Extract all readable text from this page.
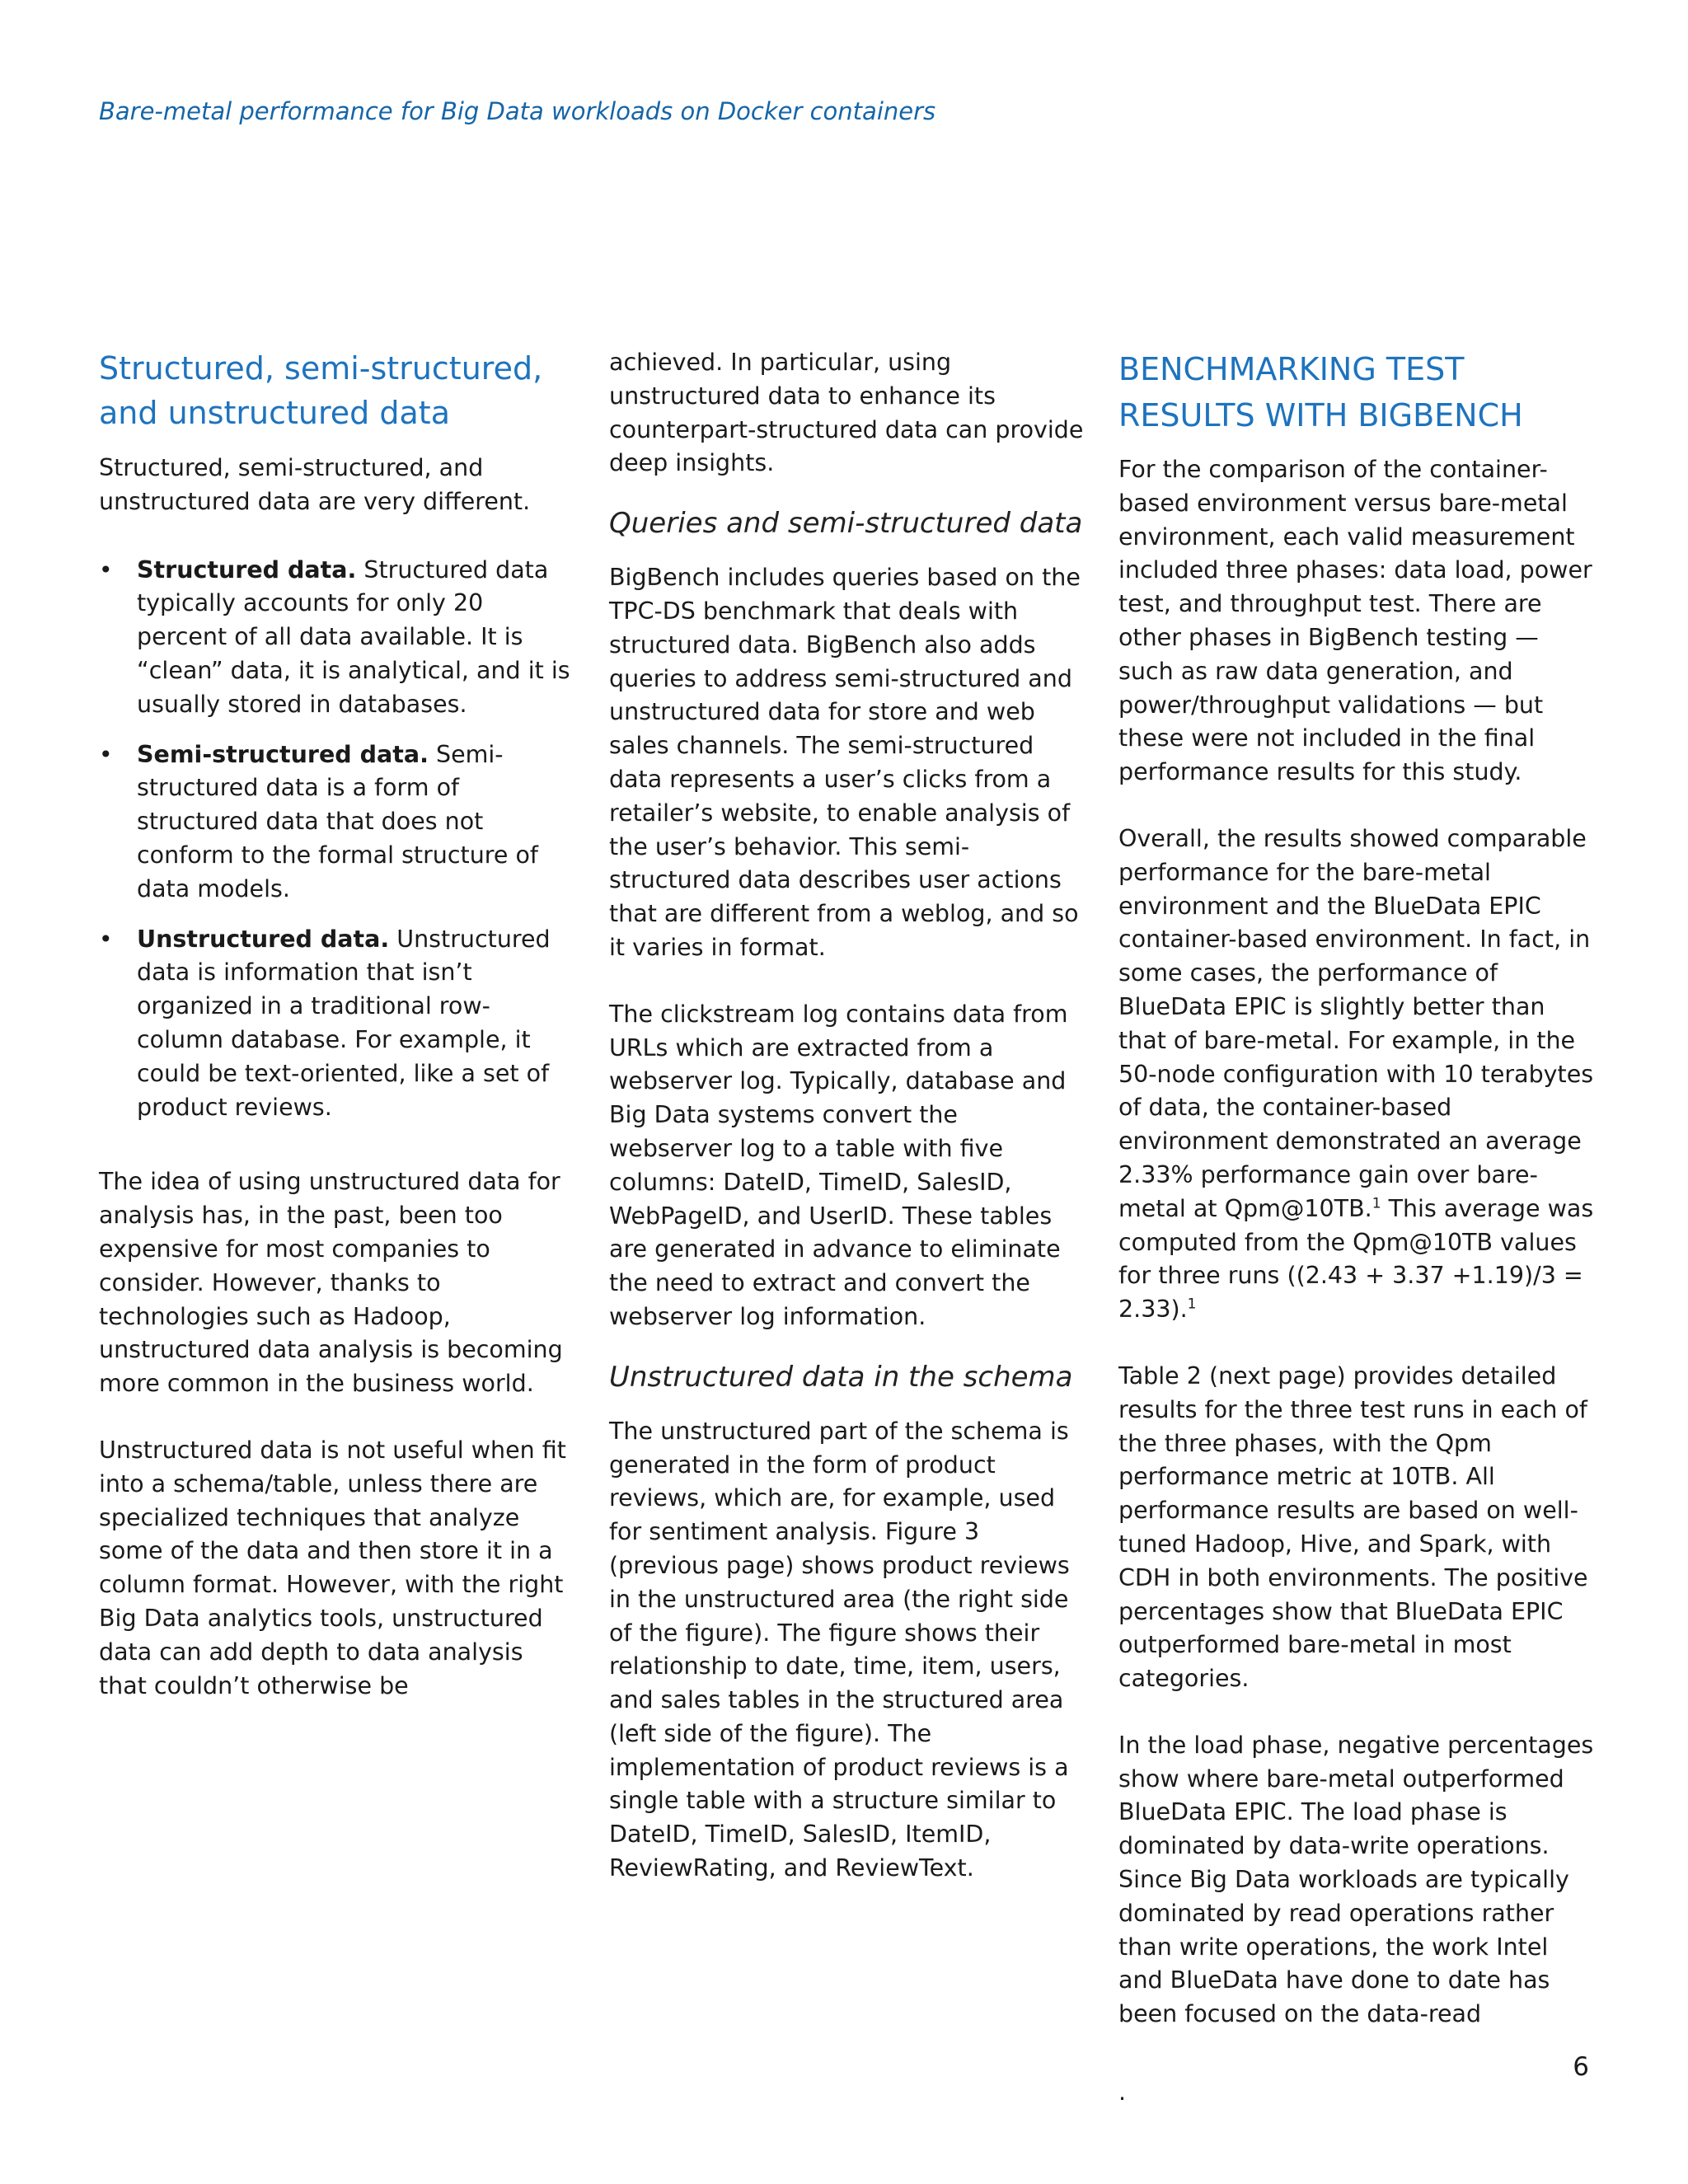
Bare-metal performance for Big Data workloads on Docker containers
Structured, semi-structured, and unstructured data

Structured, semi-structured, and unstructured data are very different.

• Structured data. Structured data typically accounts for only 20 percent of all data available. It is “clean” data, it is analytical, and it is usually stored in databases.
• Semi-structured data. Semi-structured data is a form of structured data that does not conform to the formal structure of data models.
• Unstructured data. Unstructured data is information that isn’t organized in a traditional row-column database. For example, it could be text-oriented, like a set of product reviews.

The idea of using unstructured data for analysis has, in the past, been too expensive for most companies to consider. However, thanks to technologies such as Hadoop, unstructured data analysis is becoming more common in the business world.

Unstructured data is not useful when fit into a schema/table, unless there are specialized techniques that analyze some of the data and then store it in a column format. However, with the right Big Data analytics tools, unstructured data can add depth to data analysis that couldn’t otherwise be

achieved. In particular, using unstructured data to enhance its counterpart-structured data can provide deep insights.

Queries and semi-structured data

BigBench includes queries based on the TPC-DS benchmark that deals with structured data. BigBench also adds queries to address semi-structured and unstructured data for store and web sales channels. The semi-structured data represents a user’s clicks from a retailer’s website, to enable analysis of the user’s behavior. This semi-structured data describes user actions that are different from a weblog, and so it varies in format.

The clickstream log contains data from URLs which are extracted from a webserver log. Typically, database and Big Data systems convert the webserver log to a table with five columns: DateID, TimeID, SalesID, WebPageID, and UserID. These tables are generated in advance to eliminate the need to extract and convert the webserver log information.

Unstructured data in the schema

The unstructured part of the schema is generated in the form of product reviews, which are, for example, used for sentiment analysis. Figure 3 (previous page) shows product reviews in the unstructured area (the right side of the figure). The figure shows their relationship to date, time, item, users, and sales tables in the structured area (left side of the figure). The implementation of product reviews is a single table with a structure similar to DateID, TimeID, SalesID, ItemID, ReviewRating, and ReviewText.

BENCHMARKING TEST RESULTS WITH BIGBENCH

For the comparison of the container-based environment versus bare-metal environment, each valid measurement included three phases: data load, power test, and throughput test. There are other phases in BigBench testing — such as raw data generation, and power/throughput validations — but these were not included in the final performance results for this study.

Overall, the results showed comparable performance for the bare-metal environment and the BlueData EPIC container-based environment. In fact, in some cases, the performance of BlueData EPIC is slightly better than that of bare-metal. For example, in the 50-node configuration with 10 terabytes of data, the container-based environment demonstrated an average 2.33% performance gain over bare-metal at Qpm@10TB.$^1$ This average was computed from the Qpm@10TB values for three runs ((2.43 + 3.37 +1.19)/3 = 2.33).$^1$

Table 2 (next page) provides detailed results for the three test runs in each of the three phases, with the Qpm performance metric at 10TB. All performance results are based on well-tuned Hadoop, Hive, and Spark, with CDH in both environments. The positive percentages show that BlueData EPIC outperformed bare-metal in most categories.

In the load phase, negative percentages show where bare-metal outperformed BlueData EPIC. The load phase is dominated by data-write operations. Since Big Data workloads are typically dominated by read operations rather than write operations, the work Intel and BlueData have done to date has been focused on the data-read

.

6
